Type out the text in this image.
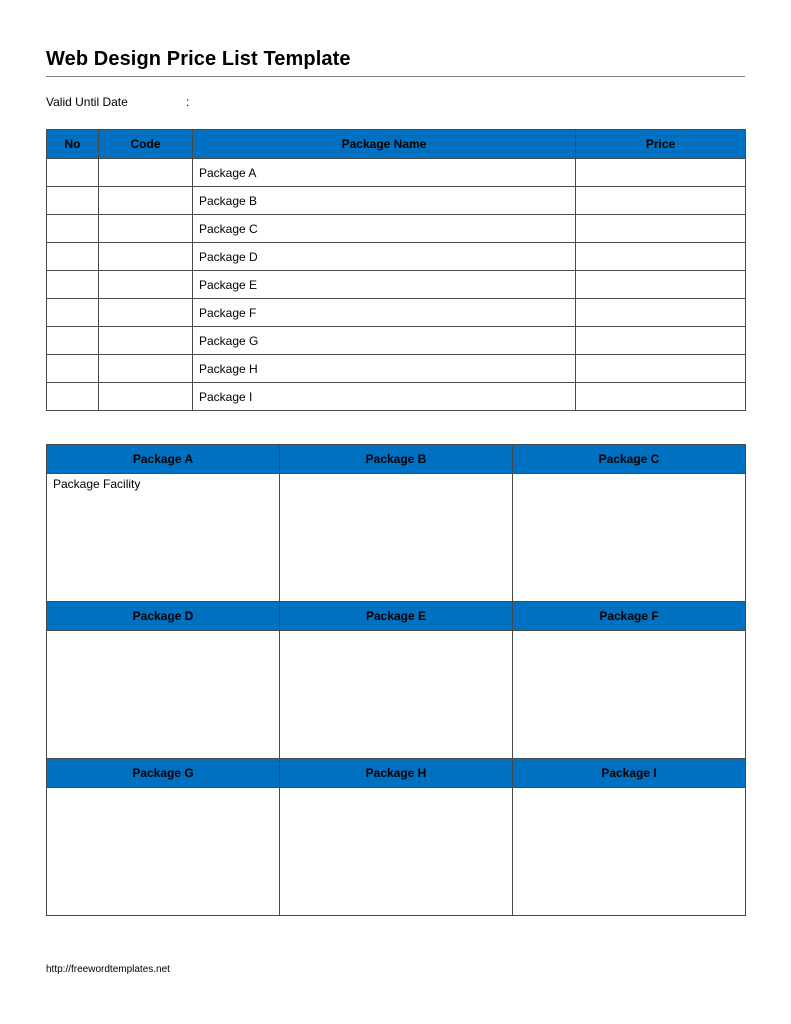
Web Design Price List Template
Valid Until Date	:
No	Code	Package Name	Price
		Package A	
		Package B	
		Package C	
		Package D	
		Package E	
		Package F	
		Package G	
		Package H	
		Package I	
Package A	Package B	Package C
Package Facility		
Package D	Package E	Package F

Package G	Package H	Package I

http://freewordtemplates.net
